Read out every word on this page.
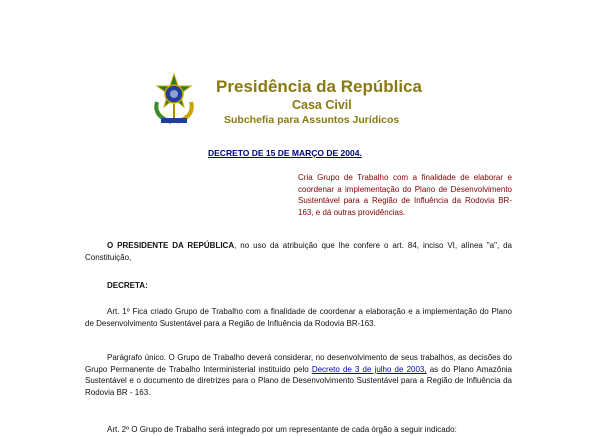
Presidência da República
Casa Civil
Subchefia para Assuntos Jurídicos
DECRETO DE 15 DE MARÇO DE 2004.
Cria Grupo de Trabalho com a finalidade de elaborar e coordenar a implementação do Plano de Desenvolvimento Sustentável para a Região de Influência da Rodovia BR-163, e dá outras providências.
O PRESIDENTE DA REPÚBLICA, no uso da atribuição que lhe confere o art. 84, inciso VI, alínea "a", da Constituição,
DECRETA:
Art. 1º Fica criado Grupo de Trabalho com a finalidade de coordenar a elaboração e a implementação do Plano de Desenvolvimento Sustentável para a Região de Influência da Rodovia BR-163.
Parágrafo único. O Grupo de Trabalho deverá considerar, no desenvolvimento de seus trabalhos, as decisões do Grupo Permanente de Trabalho Interministerial instituído pelo Decreto de 3 de julho de 2003, as do Plano Amazônia Sustentável e o documento de diretrizes para o Plano de Desenvolvimento Sustentável para a Região de Influência da Rodovia BR - 163.
Art. 2º O Grupo de Trabalho será integrado por um representante de cada órgão a seguir indicado:
